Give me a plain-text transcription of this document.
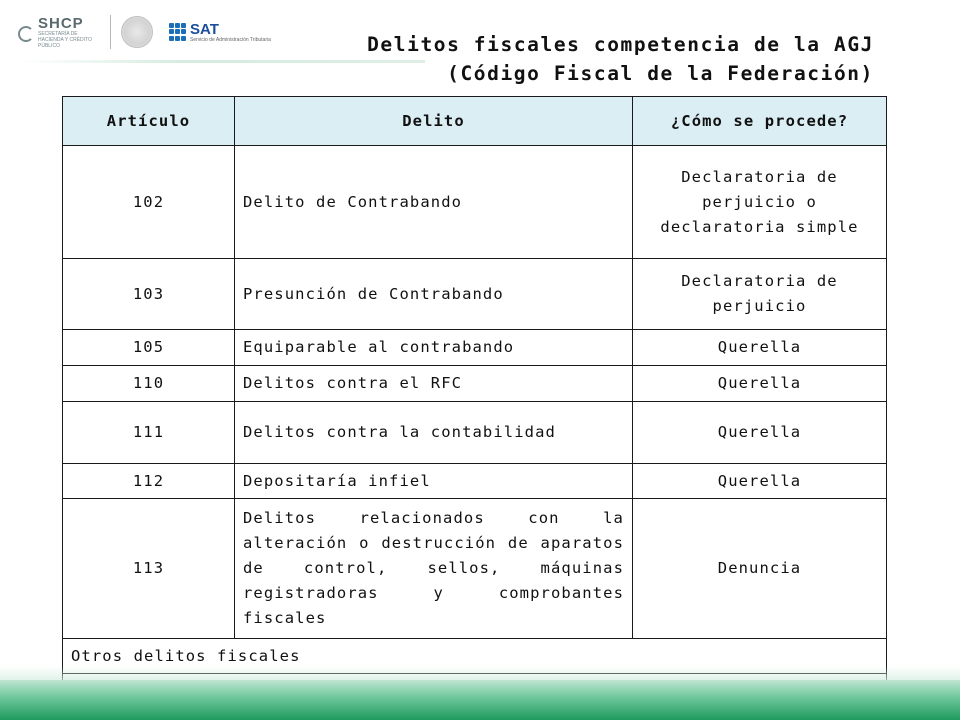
SHCP
SECRETARÍA DE HACIENDA Y CRÉDITO PÚBLICO
SAT
Servicio de Administración Tributaria	Delitos fiscales competencia de la AGJ
(Código Fiscal de la Federación)
Artículo	Delito	¿Cómo se procede?
102	Delito de Contrabando	Declaratoria de perjuicio o declaratoria simple
103	Presunción de Contrabando	Declaratoria de perjuicio
105	Equiparable al contrabando	Querella
110	Delitos contra el RFC	Querella
111	Delitos contra la contabilidad	Querella
112	Depositaría infiel	Querella
113	Delitos relacionados con la alteración o destrucción de aparatos de control, sellos, máquinas registradoras y comprobantes fiscales	Denuncia
Otros delitos fiscales		
